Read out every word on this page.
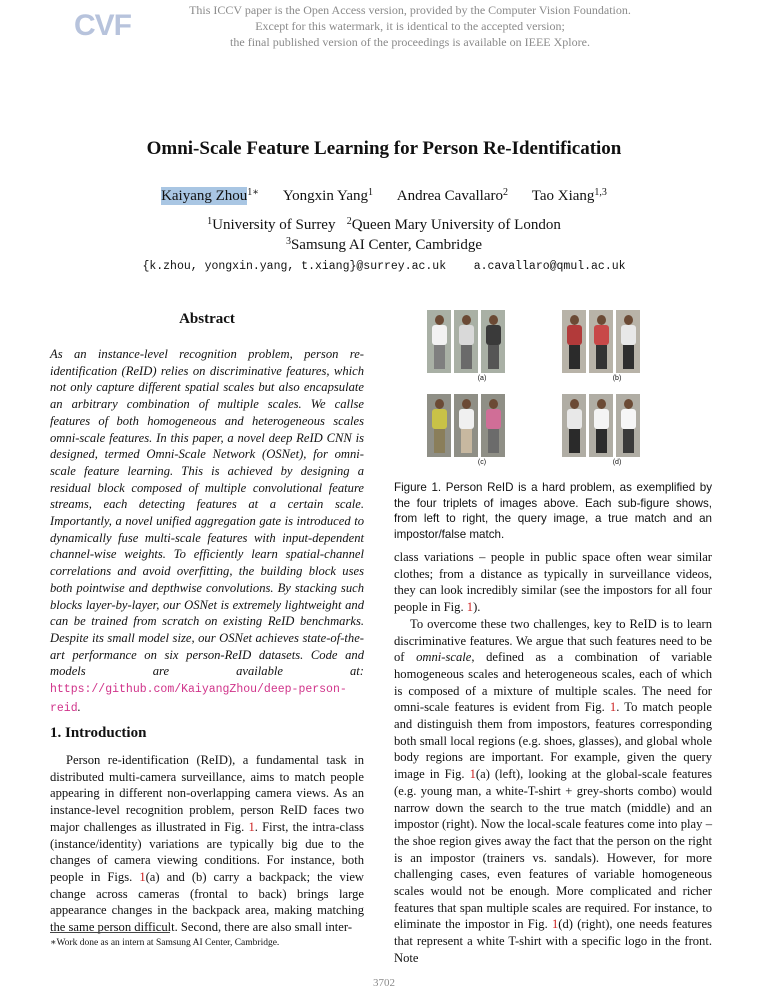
CVF	This ICCV paper is the Open Access version, provided by the Computer Vision Foundation.
Except for this watermark, it is identical to the accepted version;
the final published version of the proceedings is available on IEEE Xplore.
Omni-Scale Feature Learning for Person Re-Identification
Kaiyang Zhou$^{1∗}$ Yongxin Yang$^1$ Andrea Cavallaro$^2$ Tao Xiang$^{1,3}$
$^1$University of Surrey $^2$Queen Mary University of London
$^3$Samsung AI Center, Cambridge
{k.zhou, yongxin.yang, t.xiang}@surrey.ac.uk    a.cavallaro@qmul.ac.uk
Abstract

As an instance-level recognition problem, person re-identification (ReID) relies on discriminative features, which not only capture different spatial scales but also encapsulate an arbitrary combination of multiple scales. We callse features of both homogeneous and heterogeneous scales omni-scale features. In this paper, a novel deep ReID CNN is designed, termed Omni-Scale Network (OSNet), for omni-scale feature learning. This is achieved by designing a residual block composed of multiple convolutional feature streams, each detecting features at a certain scale. Importantly, a novel unified aggregation gate is introduced to dynamically fuse multi-scale features with input-dependent channel-wise weights. To efficiently learn spatial-channel correlations and avoid overfitting, the building block uses both pointwise and depthwise convolutions. By stacking such blocks layer-by-layer, our OSNet is extremely lightweight and can be trained from scratch on existing ReID benchmarks. Despite its small model size, our OSNet achieves state-of-the-art performance on six person-ReID datasets. Code and models are available at: https://github.com/KaiyangZhou/deep-person-reid.

1. Introduction

Person re-identification (ReID), a fundamental task in distributed multi-camera surveillance, aims to match people appearing in different non-overlapping camera views. As an instance-level recognition problem, person ReID faces two major challenges as illustrated in Fig. 1. First, the intra-class (instance/identity) variations are typically big due to the changes of camera viewing conditions. For instance, both people in Figs. 1(a) and (b) carry a backpack; the view change across cameras (frontal to back) brings large appearance changes in the backpack area, making matching the same person difficult. Second, there are also small inter-

∗Work done as an intern at Samsung AI Center, Cambridge.
(a)	(b)
(c)	(d)
Figure 1. Person ReID is a hard problem, as exemplified by the four triplets of images above. Each sub-figure shows, from left to right, the query image, a true match and an impostor/false match.

class variations – people in public space often wear similar clothes; from a distance as typically in surveillance videos, they can look incredibly similar (see the impostors for all four people in Fig. 1).

To overcome these two challenges, key to ReID is to learn discriminative features. We argue that such features need to be of omni-scale, defined as a combination of variable homogeneous scales and heterogeneous scales, each of which is composed of a mixture of multiple scales. The need for omni-scale features is evident from Fig. 1. To match people and distinguish them from impostors, features corresponding both small local regions (e.g. shoes, glasses), and global whole body regions are important. For example, given the query image in Fig. 1(a) (left), looking at the global-scale features (e.g. young man, a white-T-shirt + grey-shorts combo) would narrow down the search to the true match (middle) and an impostor (right). Now the local-scale features come into play – the shoe region gives away the fact that the person on the right is an impostor (trainers vs. sandals). However, for more challenging cases, even features of variable homogeneous scales would not be enough. More complicated and richer features that span multiple scales are required. For instance, to eliminate the impostor in Fig. 1(d) (right), one needs features that represent a white T-shirt with a specific logo in the front. Note

3702
